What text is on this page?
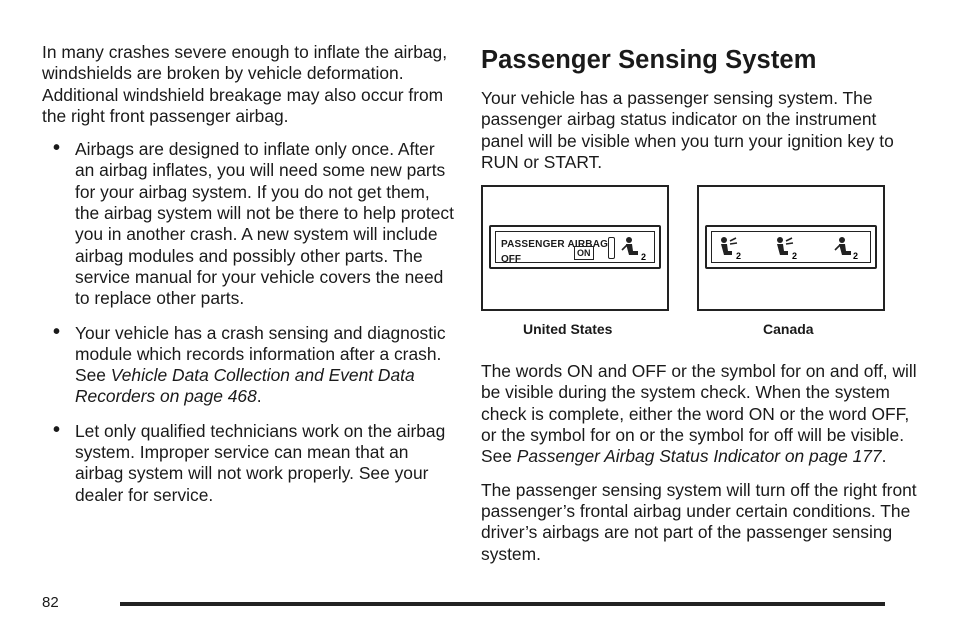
In many crashes severe enough to inflate the airbag, windshields are broken by vehicle deformation. Additional windshield breakage may also occur from the right front passenger airbag.

• Airbags are designed to inflate only once. After an airbag inflates, you will need some new parts for your airbag system. If you do not get them, the airbag system will not be there to help protect you in another crash. A new system will include airbag modules and possibly other parts. The service manual for your vehicle covers the need to replace other parts.
• Your vehicle has a crash sensing and diagnostic module which records information after a crash. See Vehicle Data Collection and Event Data Recorders on page 468.
• Let only qualified technicians work on the airbag system. Improper service can mean that an airbag system will not work properly. See your dealer for service.
Passenger Sensing System

Your vehicle has a passenger sensing system. The passenger airbag status indicator on the instrument panel will be visible when you turn your ignition key to RUN or START.

PASSENGER AIRBAG
OFF
ON	2	2	2	2
United States	Canada

The words ON and OFF or the symbol for on and off, will be visible during the system check. When the system check is complete, either the word ON or the word OFF, or the symbol for on or the symbol for off will be visible. See Passenger Airbag Status Indicator on page 177.

The passenger sensing system will turn off the right front passenger’s frontal airbag under certain conditions. The driver’s airbags are not part of the passenger sensing system.

82
